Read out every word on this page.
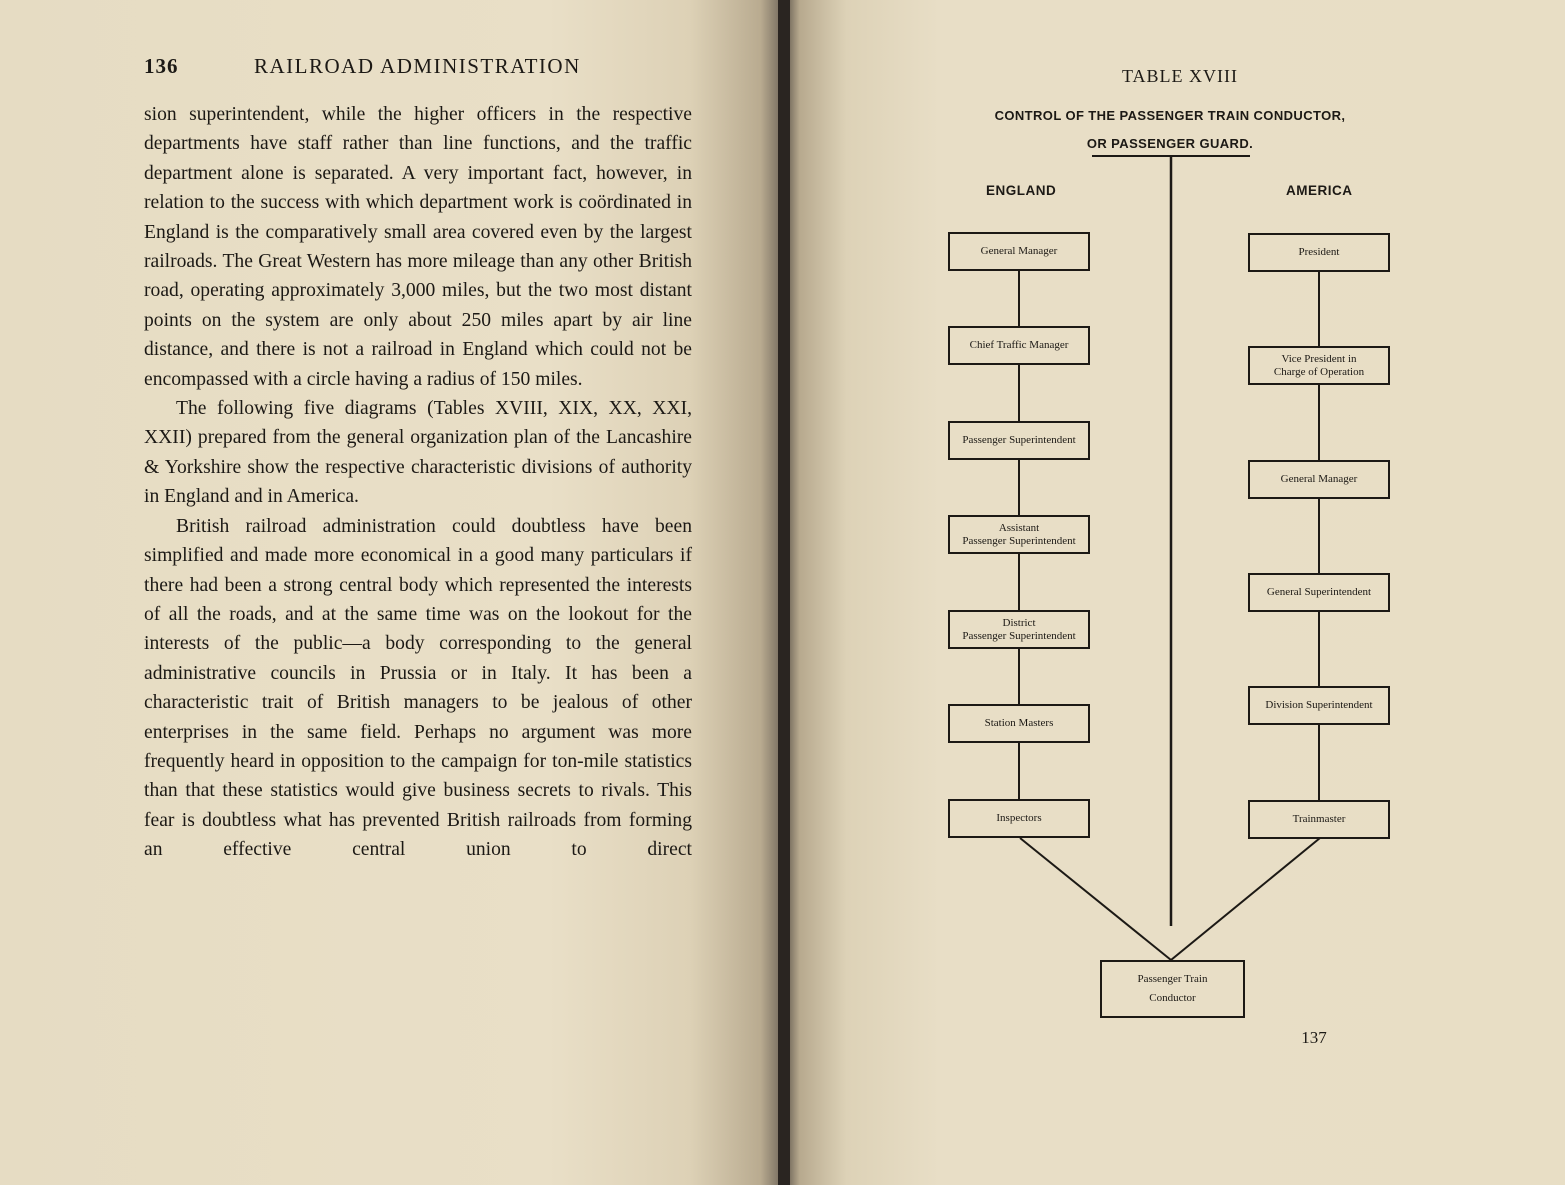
136	RAILROAD ADMINISTRATION

sion superintendent, while the higher officers in the respective departments have staff rather than line functions, and the traffic department alone is separated. A very important fact, however, in relation to the success with which department work is coördinated in England is the comparatively small area covered even by the largest railroads. The Great Western has more mileage than any other British road, operating approximately 3,000 miles, but the two most distant points on the system are only about 250 miles apart by air line distance, and there is not a railroad in England which could not be encompassed with a circle having a radius of 150 miles.

The following five diagrams (Tables XVIII, XIX, XX, XXI, XXII) prepared from the general organization plan of the Lancashire & Yorkshire show the respective characteristic divisions of authority in England and in America.

British railroad administration could doubtless have been simplified and made more economical in a good many particulars if there had been a strong central body which represented the interests of all the roads, and at the same time was on the lookout for the interests of the public—a body corresponding to the general administrative councils in Prussia or in Italy. It has been a characteristic trait of British managers to be jealous of other enterprises in the same field. Perhaps no argument was more frequently heard in opposition to the campaign for ton-mile statistics than that these statistics would give business secrets to rivals. This fear is doubtless what has prevented British railroads from forming an effective central union to direct

TABLE XVIII
CONTROL OF THE PASSENGER TRAIN CONDUCTOR,
OR PASSENGER GUARD.
ENGLAND	AMERICA
General Manager
Chief Traffic Manager
Passenger Superintendent
Assistant
Passenger Superintendent
District
Passenger Superintendent
Station Masters
Inspectors
President
Vice President in
Charge of Operation
General Manager
General Superintendent
Division Superintendent
Trainmaster
Passenger Train
Conductor
137
